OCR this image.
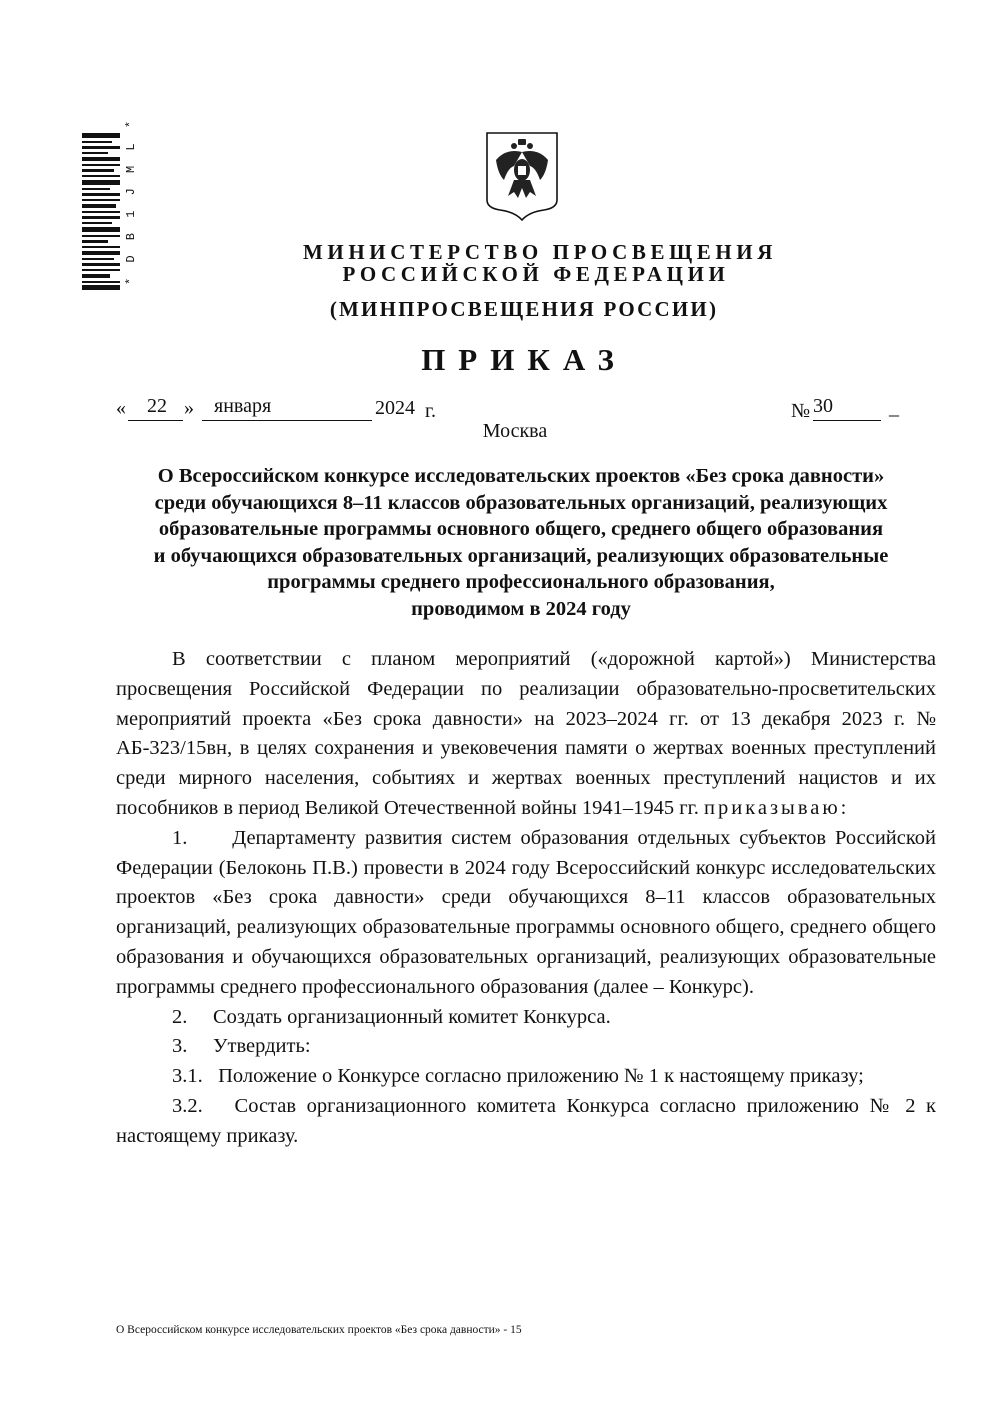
* D B 1 J M L *	МИНИСТЕРСТВО ПРОСВЕЩЕНИЯ
РОССИЙСКОЙ ФЕДЕРАЦИИ
(МИНПРОСВЕЩЕНИЯ РОССИИ)
ПРИКАЗ
« 22 » января	2024 г.	№ 30	_
Москва
О Всероссийском конкурсе исследовательских проектов «Без срока давности»
среди обучающихся 8–11 классов образовательных организаций, реализующих
образовательные программы основного общего, среднего общего образования
и обучающихся образовательных организаций, реализующих образовательные
программы среднего профессионального образования,
проводимом в 2024 году

В соответствии с планом мероприятий («дорожной картой») Министерства просвещения Российской Федерации по реализации образовательно-просветительских мероприятий проекта «Без срока давности» на 2023–2024 гг. от 13 декабря 2023 г. № АБ-323/15вн, в целях сохранения и увековечения памяти о жертвах военных преступлений среди мирного населения, событиях и жертвах военных преступлений нацистов и их пособников в период Великой Отечественной войны 1941–1945 гг. приказываю:

1. Департаменту развития систем образования отдельных субъектов Российской Федерации (Белоконь П.В.) провести в 2024 году Всероссийский конкурс исследовательских проектов «Без срока давности» среди обучающихся 8–11 классов образовательных организаций, реализующих образовательные программы основного общего, среднего общего образования и обучающихся образовательных организаций, реализующих образовательные программы среднего профессионального образования (далее – Конкурс).

2. Создать организационный комитет Конкурса.

3. Утвердить:

3.1. Положение о Конкурсе согласно приложению № 1 к настоящему приказу;

3.2. Состав организационного комитета Конкурса согласно приложению № 2 к настоящему приказу.

О Всероссийском конкурсе исследовательских проектов «Без срока давности» - 15
